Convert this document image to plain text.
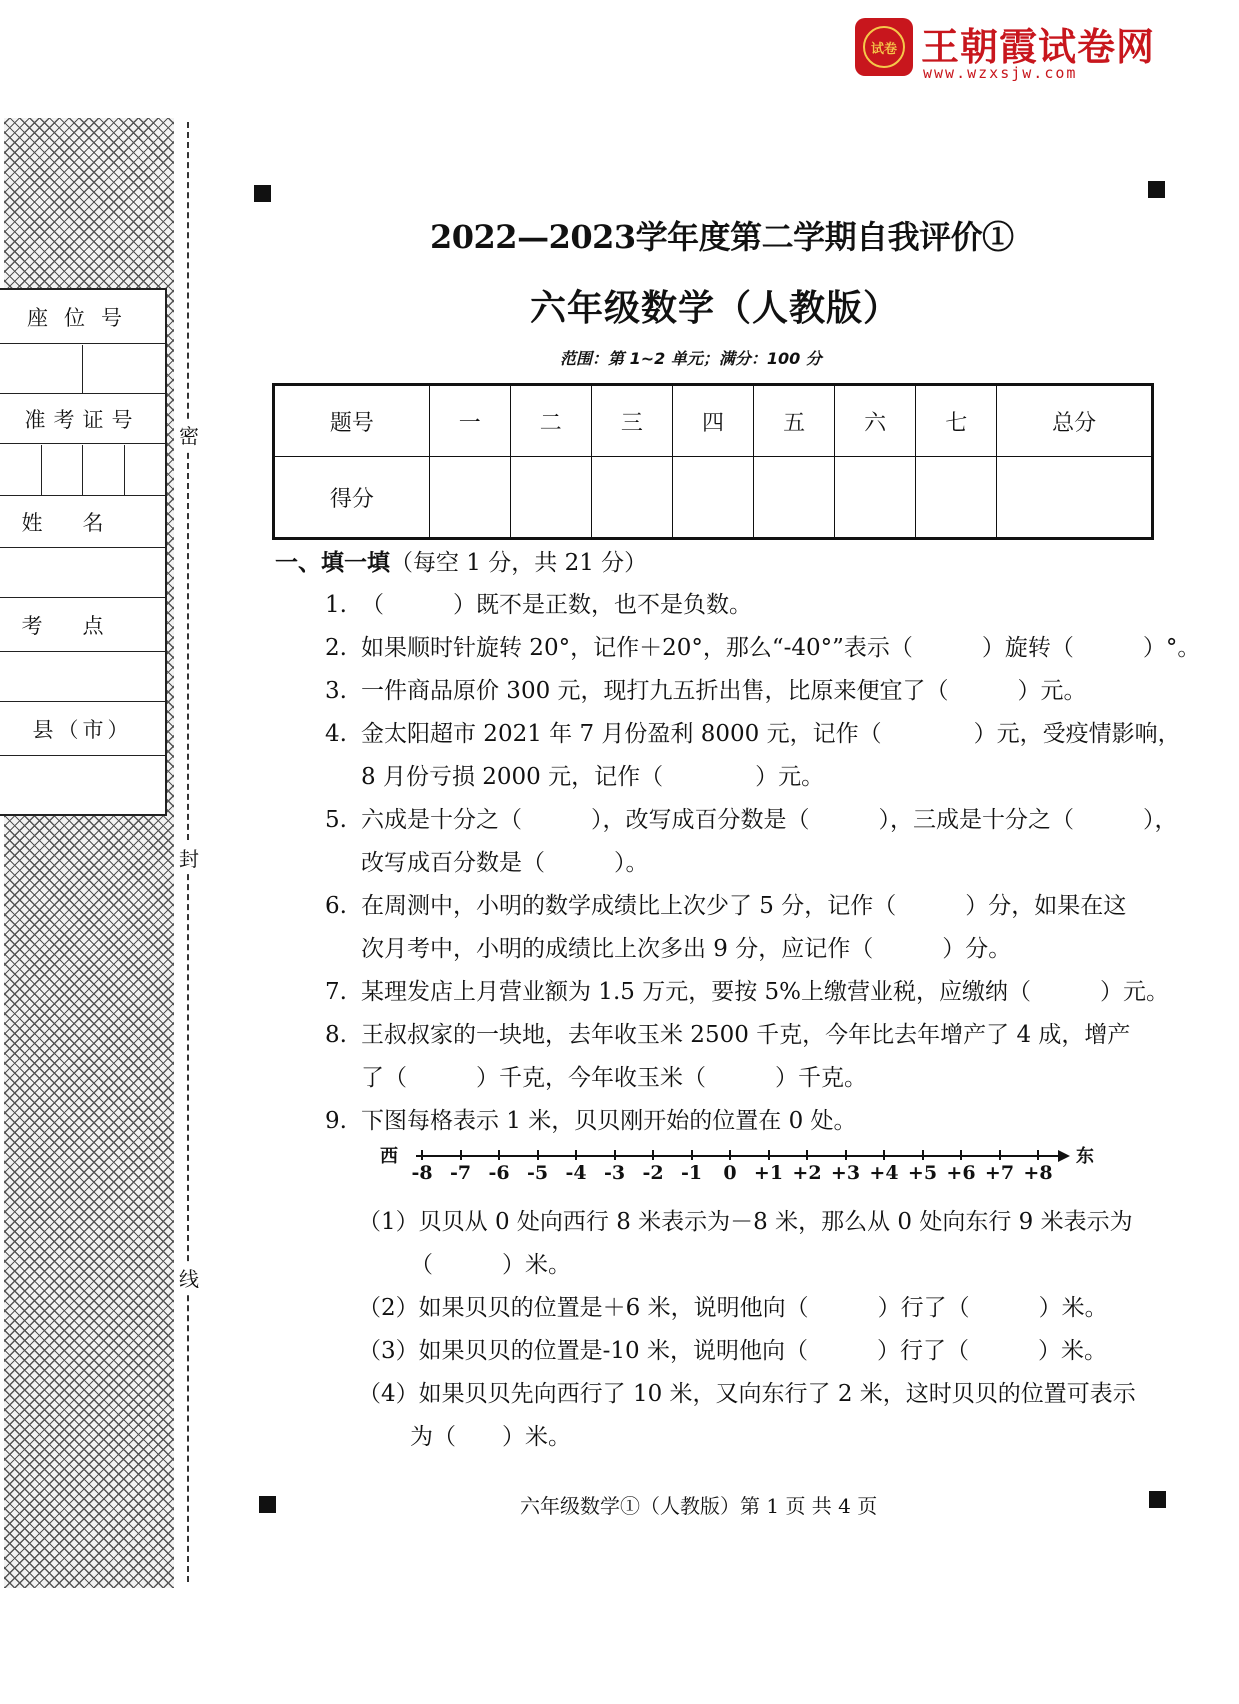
试卷 王朝霞试卷网
www.wzxsjw.com
座位号
准考证号
姓名
考点
县（市）
密
封
线
2022—2023学年度第二学期自我评价①
六年级数学（人教版）
范围：第 1~2 单元；满分：100 分
题号	一	二	三	四	五	六	七	总分
得分								
一、填一填（每空 1 分，共 21 分）
1. （　　　）既不是正数，也不是负数。
2. 如果顺时针旋转 20°，记作＋20°，那么“-40°”表示（　　　）旋转（　　　）°。
3. 一件商品原价 300 元，现打九五折出售，比原来便宜了（　　　）元。
4. 金太阳超市 2021 年 7 月份盈利 8000 元，记作（　　　　）元，受疫情影响，
8 月份亏损 2000 元，记作（　　　　）元。
5. 六成是十分之（　　　），改写成百分数是（　　　），三成是十分之（　　　），
改写成百分数是（　　　）。
6. 在周测中，小明的数学成绩比上次少了 5 分，记作（　　　）分，如果在这
次月考中，小明的成绩比上次多出 9 分，应记作（　　　）分。
7. 某理发店上月营业额为 1.5 万元，要按 5%上缴营业税，应缴纳（　　　）元。
8. 王叔叔家的一块地，去年收玉米 2500 千克，今年比去年增产了 4 成，增产
了（　　　）千克，今年收玉米（　　　）千克。
9. 下图每格表示 1 米，贝贝刚开始的位置在 0 处。
西	东
-8 -7 -6 -5 -4 -3 -2 -1 0 +1 +2 +3 +4 +5 +6 +7 +8
（1）贝贝从 0 处向西行 8 米表示为－8 米，那么从 0 处向东行 9 米表示为
（　　　）米。
（2）如果贝贝的位置是＋6 米，说明他向（　　　）行了（　　　）米。
（3）如果贝贝的位置是-10 米，说明他向（　　　）行了（　　　）米。
（4）如果贝贝先向西行了 10 米，又向东行了 2 米，这时贝贝的位置可表示
为（　　）米。
六年级数学①（人教版）第 1 页 共 4 页
